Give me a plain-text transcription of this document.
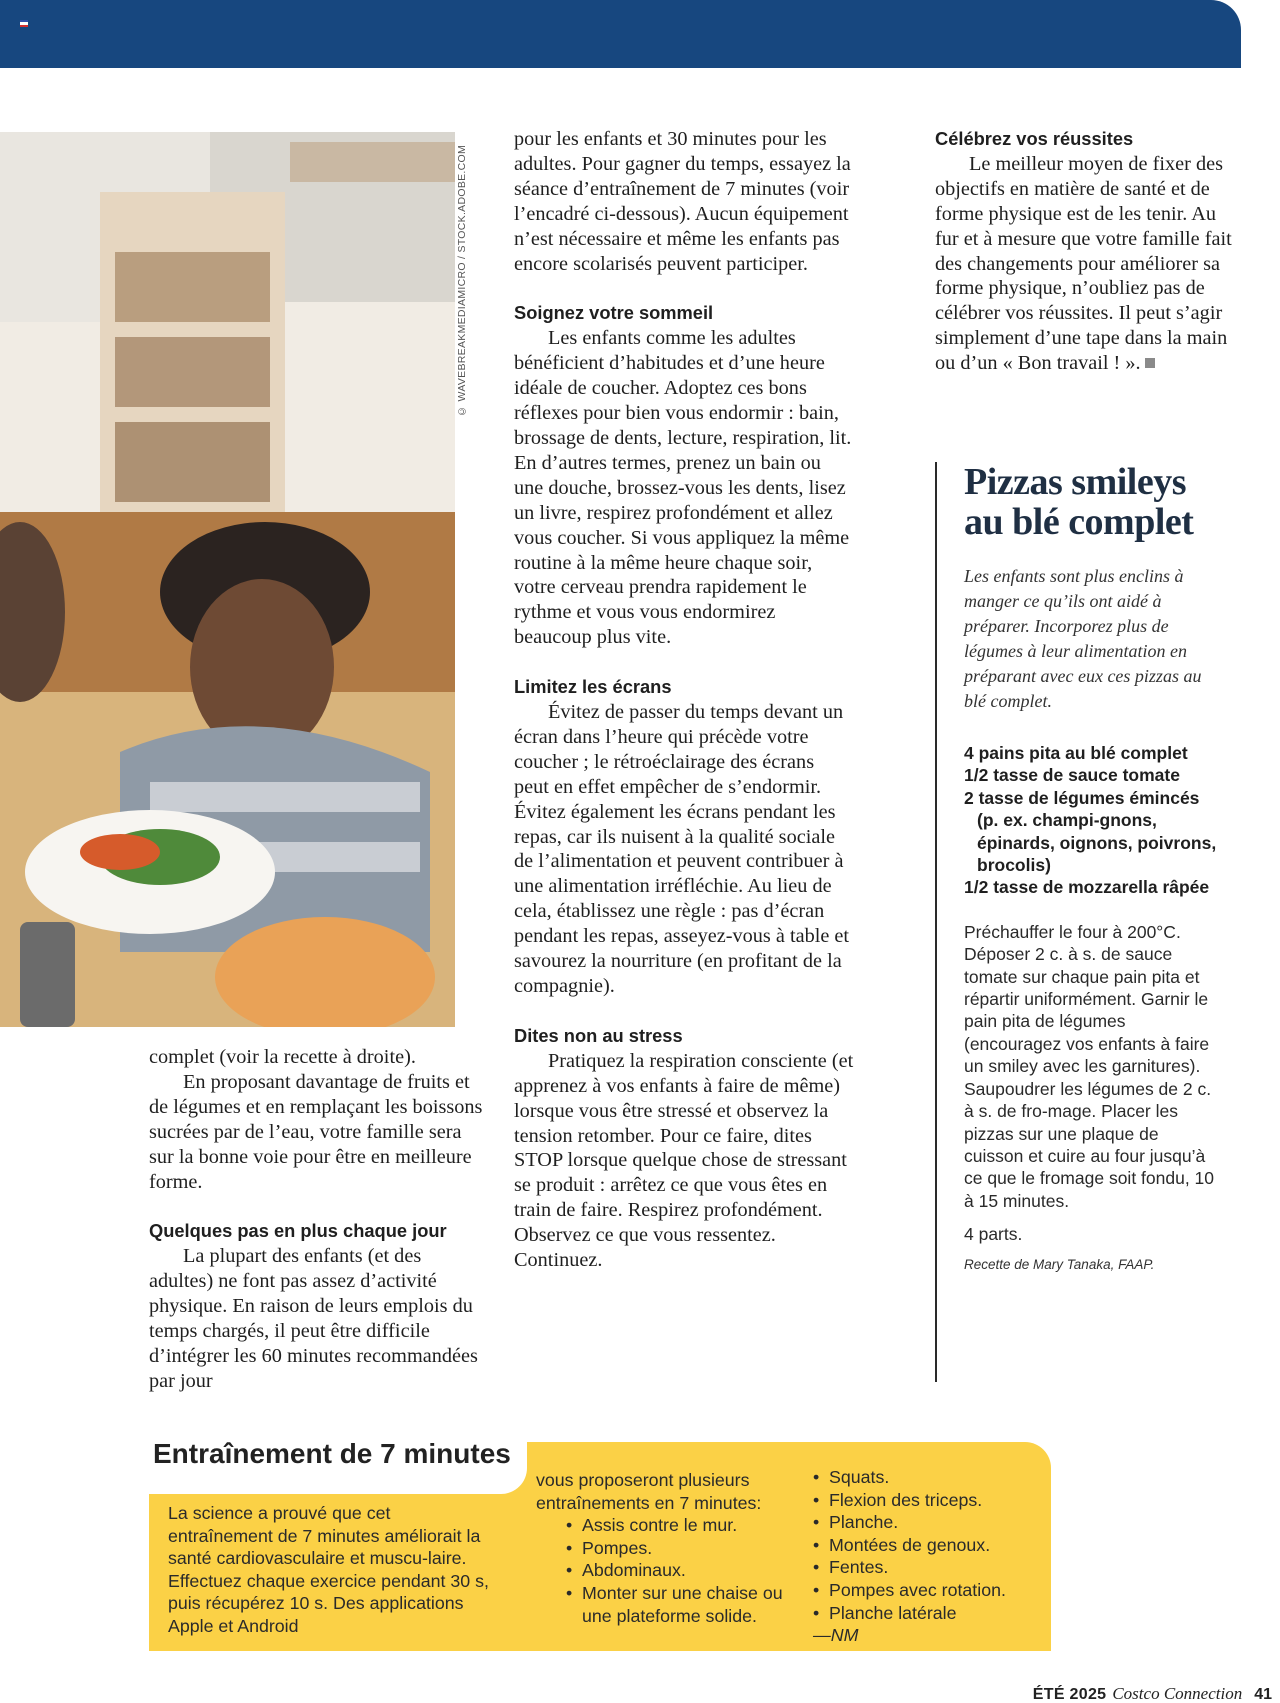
© WAVEBREAKMEDIAMICRO / STOCK.ADOBE.COM

complet (voir la recette à droite).

En proposant davantage de fruits et de légumes et en remplaçant les boissons sucrées par de l’eau, votre famille sera sur la bonne voie pour être en meilleure forme.

Quelques pas en plus chaque jour

La plupart des enfants (et des adultes) ne font pas assez d’activité physique. En raison de leurs emplois du temps chargés, il peut être difficile d’intégrer les 60 minutes recommandées par jour

pour les enfants et 30 minutes pour les adultes. Pour gagner du temps, essayez la séance d’entraînement de 7 minutes (voir l’encadré ci-dessous). Aucun équipement n’est nécessaire et même les enfants pas encore scolarisés peuvent participer.

Soignez votre sommeil

Les enfants comme les adultes bénéficient d’habitudes et d’une heure idéale de coucher. Adoptez ces bons réflexes pour bien vous endormir : bain, brossage de dents, lecture, respiration, lit. En d’autres termes, prenez un bain ou une douche, brossez-vous les dents, lisez un livre, respirez profondément et allez vous coucher. Si vous appliquez la même routine à la même heure chaque soir, votre cerveau prendra rapidement le rythme et vous vous endormirez beaucoup plus vite.

Limitez les écrans

Évitez de passer du temps devant un écran dans l’heure qui précède votre coucher ; le rétroéclairage des écrans peut en effet empêcher de s’endormir. Évitez également les écrans pendant les repas, car ils nuisent à la qualité sociale de l’alimentation et peuvent contribuer à une alimentation irréfléchie. Au lieu de cela, établissez une règle : pas d’écran pendant les repas, asseyez-vous à table et savourez la nourriture (en profitant de la compagnie).

Dites non au stress

Pratiquez la respiration consciente (et apprenez à vos enfants à faire de même) lorsque vous être stressé et observez la tension retomber. Pour ce faire, dites STOP lorsque quelque chose de stressant se produit : arrêtez ce que vous êtes en train de faire. Respirez profondément. Observez ce que vous ressentez. Continuez.

Célébrez vos réussites

Le meilleur moyen de fixer des objectifs en matière de santé et de forme physique est de les tenir. Au fur et à mesure que votre famille fait des changements pour améliorer sa forme physique, n’oubliez pas de célébrer vos réussites. Il peut s’agir simplement d’une tape dans la main ou d’un « Bon travail ! ».

Pizzas smileys
au blé complet

Les enfants sont plus enclins à manger ce qu’ils ont aidé à préparer. Incorporez plus de légumes à leur alimentation en préparant avec eux ces pizzas au blé complet.

4 pains pita au blé complet
1/2 tasse de sauce tomate
2 tasse de légumes émincés (p. ex. champi-gnons, épinards, oignons, poivrons, brocolis)
1/2 tasse de mozzarella râpée

Préchauffer le four à 200°C. Déposer 2 c. à s. de sauce tomate sur chaque pain pita et répartir uniformément. Garnir le pain pita de légumes (encouragez vos enfants à faire un smiley avec les garnitures). Saupoudrer les légumes de 2 c. à s. de fro-mage. Placer les pizzas sur une plaque de cuisson et cuire au four jusqu’à ce que le fromage soit fondu, 10 à 15 minutes.

4 parts.

Recette de Mary Tanaka, FAAP.

Entraînement de 7 minutes

La science a prouvé que cet entraînement de 7 minutes améliorait la santé cardiovasculaire et muscu-laire. Effectuez chaque exercice pendant 30 s, puis récupérez 10 s. Des applications Apple et Android

vous proposeront plusieurs entraînements en 7 minutes:

• Assis contre le mur.
• Pompes.
• Abdominaux.
• Monter sur une chaise ou une plateforme solide.
• Squats.
• Flexion des triceps.
• Planche.
• Montées de genoux.
• Fentes.
• Pompes avec rotation.
• Planche latérale

—NM

ÉTÉ 2025 Costco Connection 41
